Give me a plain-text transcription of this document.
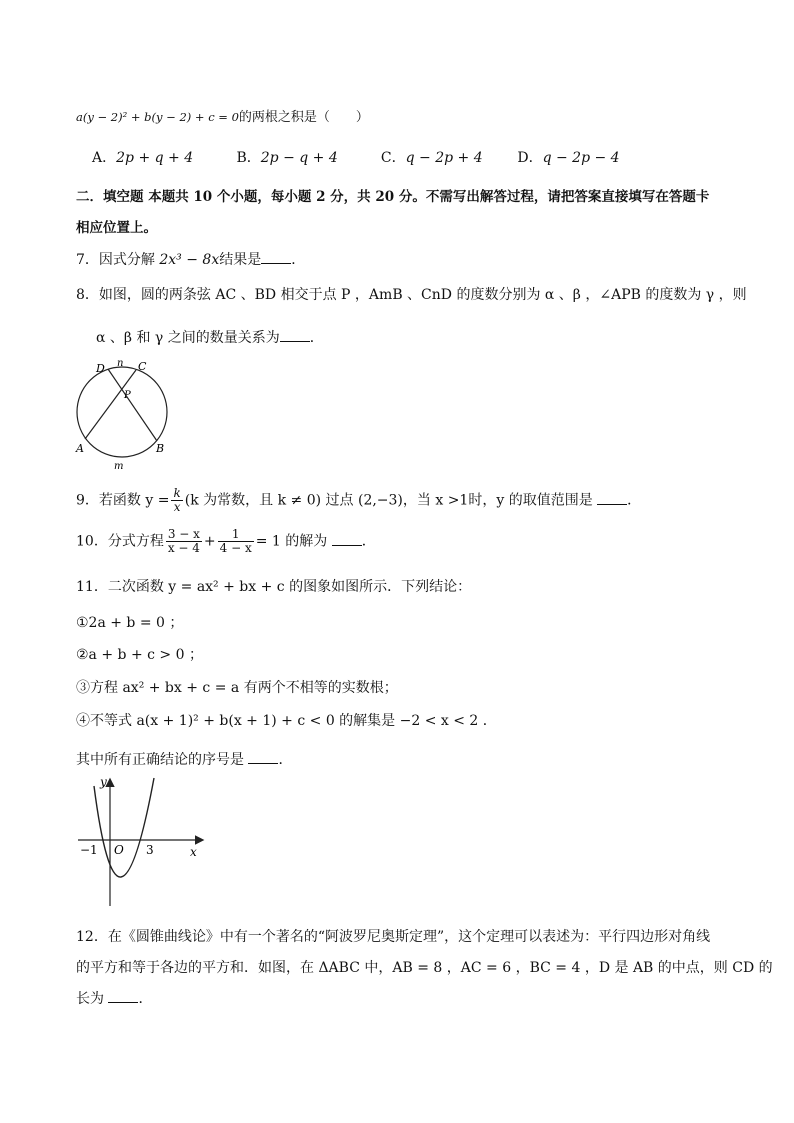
a(y − 2)² + b(y − 2) + c = 0的两根之积是（　　）
A．2p + q + 4	B．2p − q + 4	C．q − 2p + 4 D．q − 2p − 4
二．填空题 本题共 10 个小题，每小题 2 分，共 20 分。不需写出解答过程，请把答案直接填写在答题卡
相应位置上。
7．因式分解 2x³ − 8x结果是 ．
8．如图，圆的两条弦 AC 、BD 相交于点 P ，AmB 、CnD 的度数分别为 α 、β ，∠APB 的度数为 γ ，则
α 、β 和 γ 之间的数量关系为 ．
D n C
P
A	B
m
9．若函数 $y = \frac{k}{x} (k$ 为常数，且 k ≠ 0) 过点 (2,−3)，当 x >1时，y 的取值范围是 ．
10．分式方程 $\frac{3 - x}{x - 4} + \frac{1}{4 - x} = 1$ 的解为 ．
11．二次函数 y = ax² + bx + c 的图象如图所示．下列结论：
①2a + b = 0 ；
②a + b + c > 0 ；
③方程 ax² + bx + c = a 有两个不相等的实数根；
④不等式 a(x + 1)² + b(x + 1) + c < 0 的解集是 −2 < x < 2 ．
其中所有正确结论的序号是 ．
y
x
−1 O 3
12．在《圆锥曲线论》中有一个著名的“阿波罗尼奥斯定理”，这个定理可以表述为：平行四边形对角线
的平方和等于各边的平方和．如图，在 ΔABC 中，AB = 8 ，AC = 6 ，BC = 4 ，D 是 AB 的中点，则 CD 的
长为 ．
